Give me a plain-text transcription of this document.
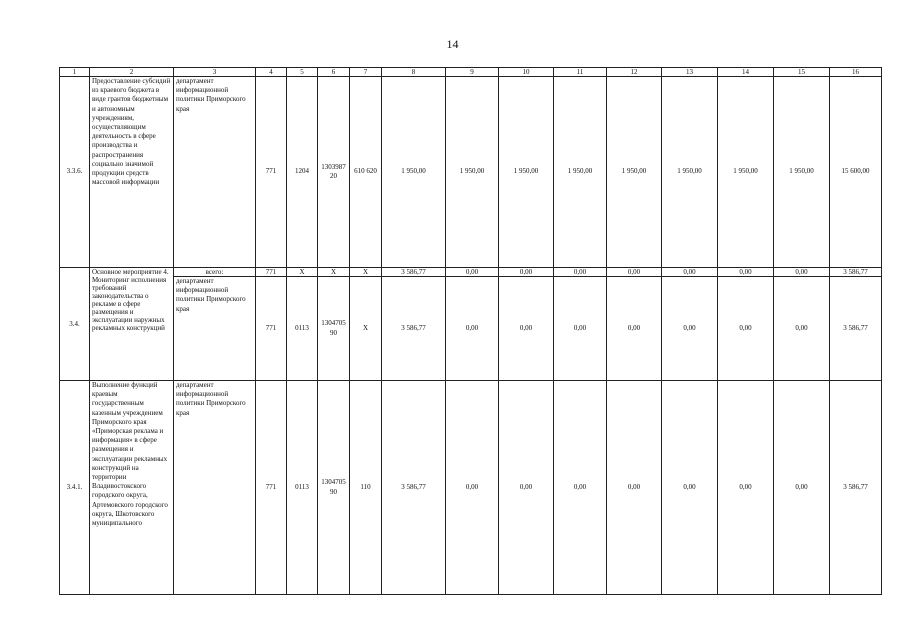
14
1	2	3	4	5	6	7	8	9	10	11	12	13	14	15	16
3.3.6.	Предоставление субсидий из краевого бюджета в виде грантов бюджетным и автономным учреждениям, осуществляющим деятельность в сфере производства и распространения социально значимой продукции средств массовой информации	департамент информационной политики Приморского края	771	1204	1303987 20	610 620	1 950,00	1 950,00	1 950,00	1 950,00	1 950,00	1 950,00	1 950,00	1 950,00	15 600,00
3.4.	Основное мероприятие 4. Мониторинг исполнения требований законодательства о рекламе в сфере размещения и эксплуатации наружных рекламных конструкций	всего:	771	X	X	X	3 586,77	0,00	0,00	0,00	0,00	0,00	0,00	0,00	3 586,77
		департамент информационной политики Приморского края	771	0113	1304705 90	X	3 586,77	0,00	0,00	0,00	0,00	0,00	0,00	0,00	3 586,77
3.4.1.	Выполнение функций краевым государственным казенным учреждением Приморского края «Приморская реклама и информация» в сфере размещения и эксплуатации рекламных конструкций на территории Владивостокского городского округа, Артемовского городского округа, Шкотовского муниципального	департамент информационной политики Приморского края	771	0113	1304705 90	110	3 586,77	0,00	0,00	0,00	0,00	0,00	0,00	0,00	3 586,77
